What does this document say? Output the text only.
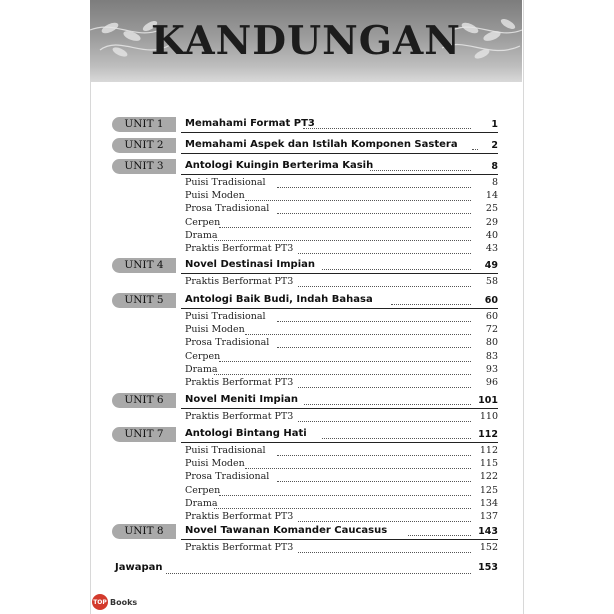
KANDUNGAN
UNIT 1	Memahami Format PT3	1
UNIT 2	Memahami Aspek dan Istilah Komponen Sastera	2
UNIT 3	Antologi Kuingin Berterima Kasih	8
Puisi Tradisional	8
Puisi Moden	14
Prosa Tradisional	25
Cerpen	29
Drama	40
Praktis Berformat PT3	43
UNIT 4	Novel Destinasi Impian	49
Praktis Berformat PT3	58
UNIT 5	Antologi Baik Budi, Indah Bahasa	60
Puisi Tradisional	60
Puisi Moden	72
Prosa Tradisional	80
Cerpen	83
Drama	93
Praktis Berformat PT3	96
UNIT 6	Novel Meniti Impian	101
Praktis Berformat PT3	110
UNIT 7	Antologi Bintang Hati	112
Puisi Tradisional	112
Puisi Moden	115
Prosa Tradisional	122
Cerpen	125
Drama	134
Praktis Berformat PT3	137
UNIT 8	Novel Tawanan Komander Caucasus	143
Praktis Berformat PT3	152
Jawapan	153
TOP Books
